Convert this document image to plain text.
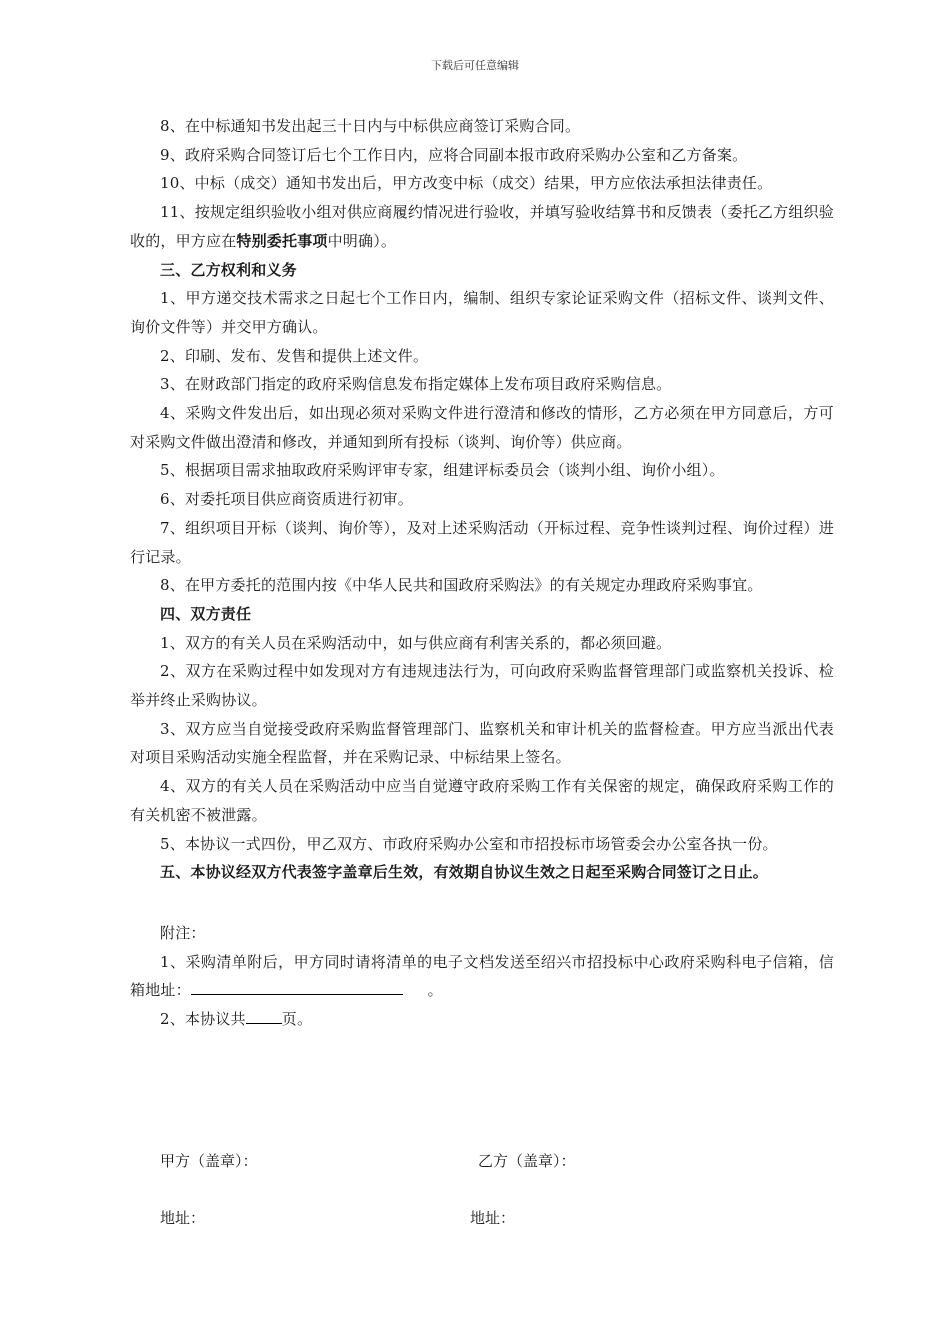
下载后可任意编辑

8、在中标通知书发出起三十日内与中标供应商签订采购合同。

9、政府采购合同签订后七个工作日内，应将合同副本报市政府采购办公室和乙方备案。

10、中标（成交）通知书发出后，甲方改变中标（成交）结果，甲方应依法承担法律责任。

11、按规定组织验收小组对供应商履约情况进行验收，并填写验收结算书和反馈表（委托乙方组织验收的，甲方应在特别委托事项中明确）。

三、乙方权利和义务

1、甲方递交技术需求之日起七个工作日内，编制、组织专家论证采购文件（招标文件、谈判文件、询价文件等）并交甲方确认。

2、印刷、发布、发售和提供上述文件。

3、在财政部门指定的政府采购信息发布指定媒体上发布项目政府采购信息。

4、采购文件发出后，如出现必须对采购文件进行澄清和修改的情形，乙方必须在甲方同意后，方可对采购文件做出澄清和修改，并通知到所有投标（谈判、询价等）供应商。

5、根据项目需求抽取政府采购评审专家，组建评标委员会（谈判小组、询价小组）。

6、对委托项目供应商资质进行初审。

7、组织项目开标（谈判、询价等），及对上述采购活动（开标过程、竞争性谈判过程、询价过程）进行记录。

8、在甲方委托的范围内按《中华人民共和国政府采购法》的有关规定办理政府采购事宜。

四、双方责任

1、双方的有关人员在采购活动中，如与供应商有利害关系的，都必须回避。

2、双方在采购过程中如发现对方有违规违法行为，可向政府采购监督管理部门或监察机关投诉、检举并终止采购协议。

3、双方应当自觉接受政府采购监督管理部门、监察机关和审计机关的监督检查。甲方应当派出代表对项目采购活动实施全程监督，并在采购记录、中标结果上签名。

4、双方的有关人员在采购活动中应当自觉遵守政府采购工作有关保密的规定，确保政府采购工作的有关机密不被泄露。

5、本协议一式四份，甲乙双方、市政府采购办公室和市招投标市场管委会办公室各执一份。

五、本协议经双方代表签字盖章后生效，有效期自协议生效之日起至采购合同签订之日止。

附注：

1、采购清单附后，甲方同时请将清单的电子文档发送至绍兴市招投标中心政府采购科电子信箱，信箱地址：	。

2、本协议共 页。

甲方（盖章）：	乙方（盖章）：
地址：	地址：
